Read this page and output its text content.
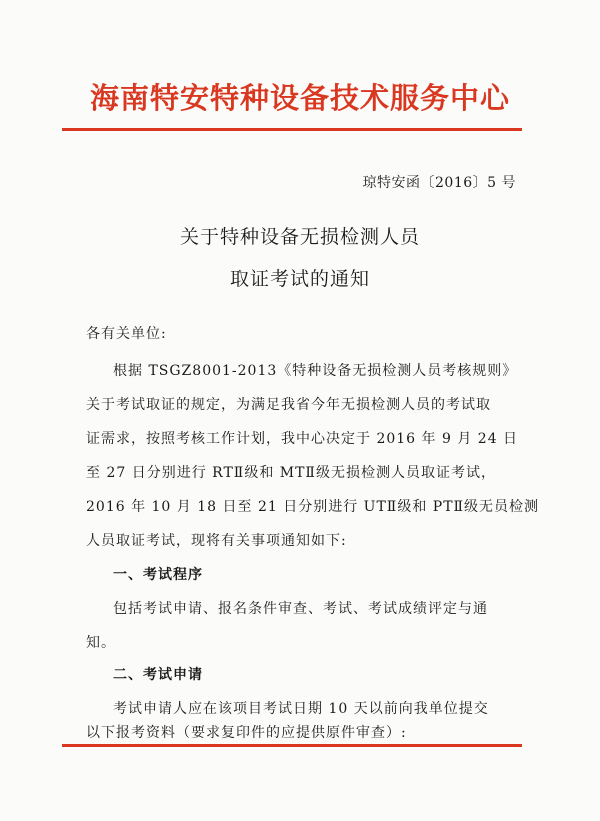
海南特安特种设备技术服务中心
琼特安函〔2016〕5 号
关于特种设备无损检测人员
取证考试的通知
各有关单位:
根据 TSGZ8001-2013《特种设备无损检测人员考核规则》
关于考试取证的规定，为满足我省今年无损检测人员的考试取
证需求，按照考核工作计划，我中心决定于 2016 年 9 月 24 日
至 27 日分别进行 RTⅡ级和 MTⅡ级无损检测人员取证考试，
2016 年 10 月 18 日至 21 日分别进行 UTⅡ级和 PTⅡ级无员检测
人员取证考试，现将有关事项通知如下:
一、考试程序
包括考试申请、报名条件审查、考试、考试成绩评定与通
知。
二、考试申请
考试申请人应在该项目考试日期 10 天以前向我单位提交
以下报考资料（要求复印件的应提供原件审查）:
